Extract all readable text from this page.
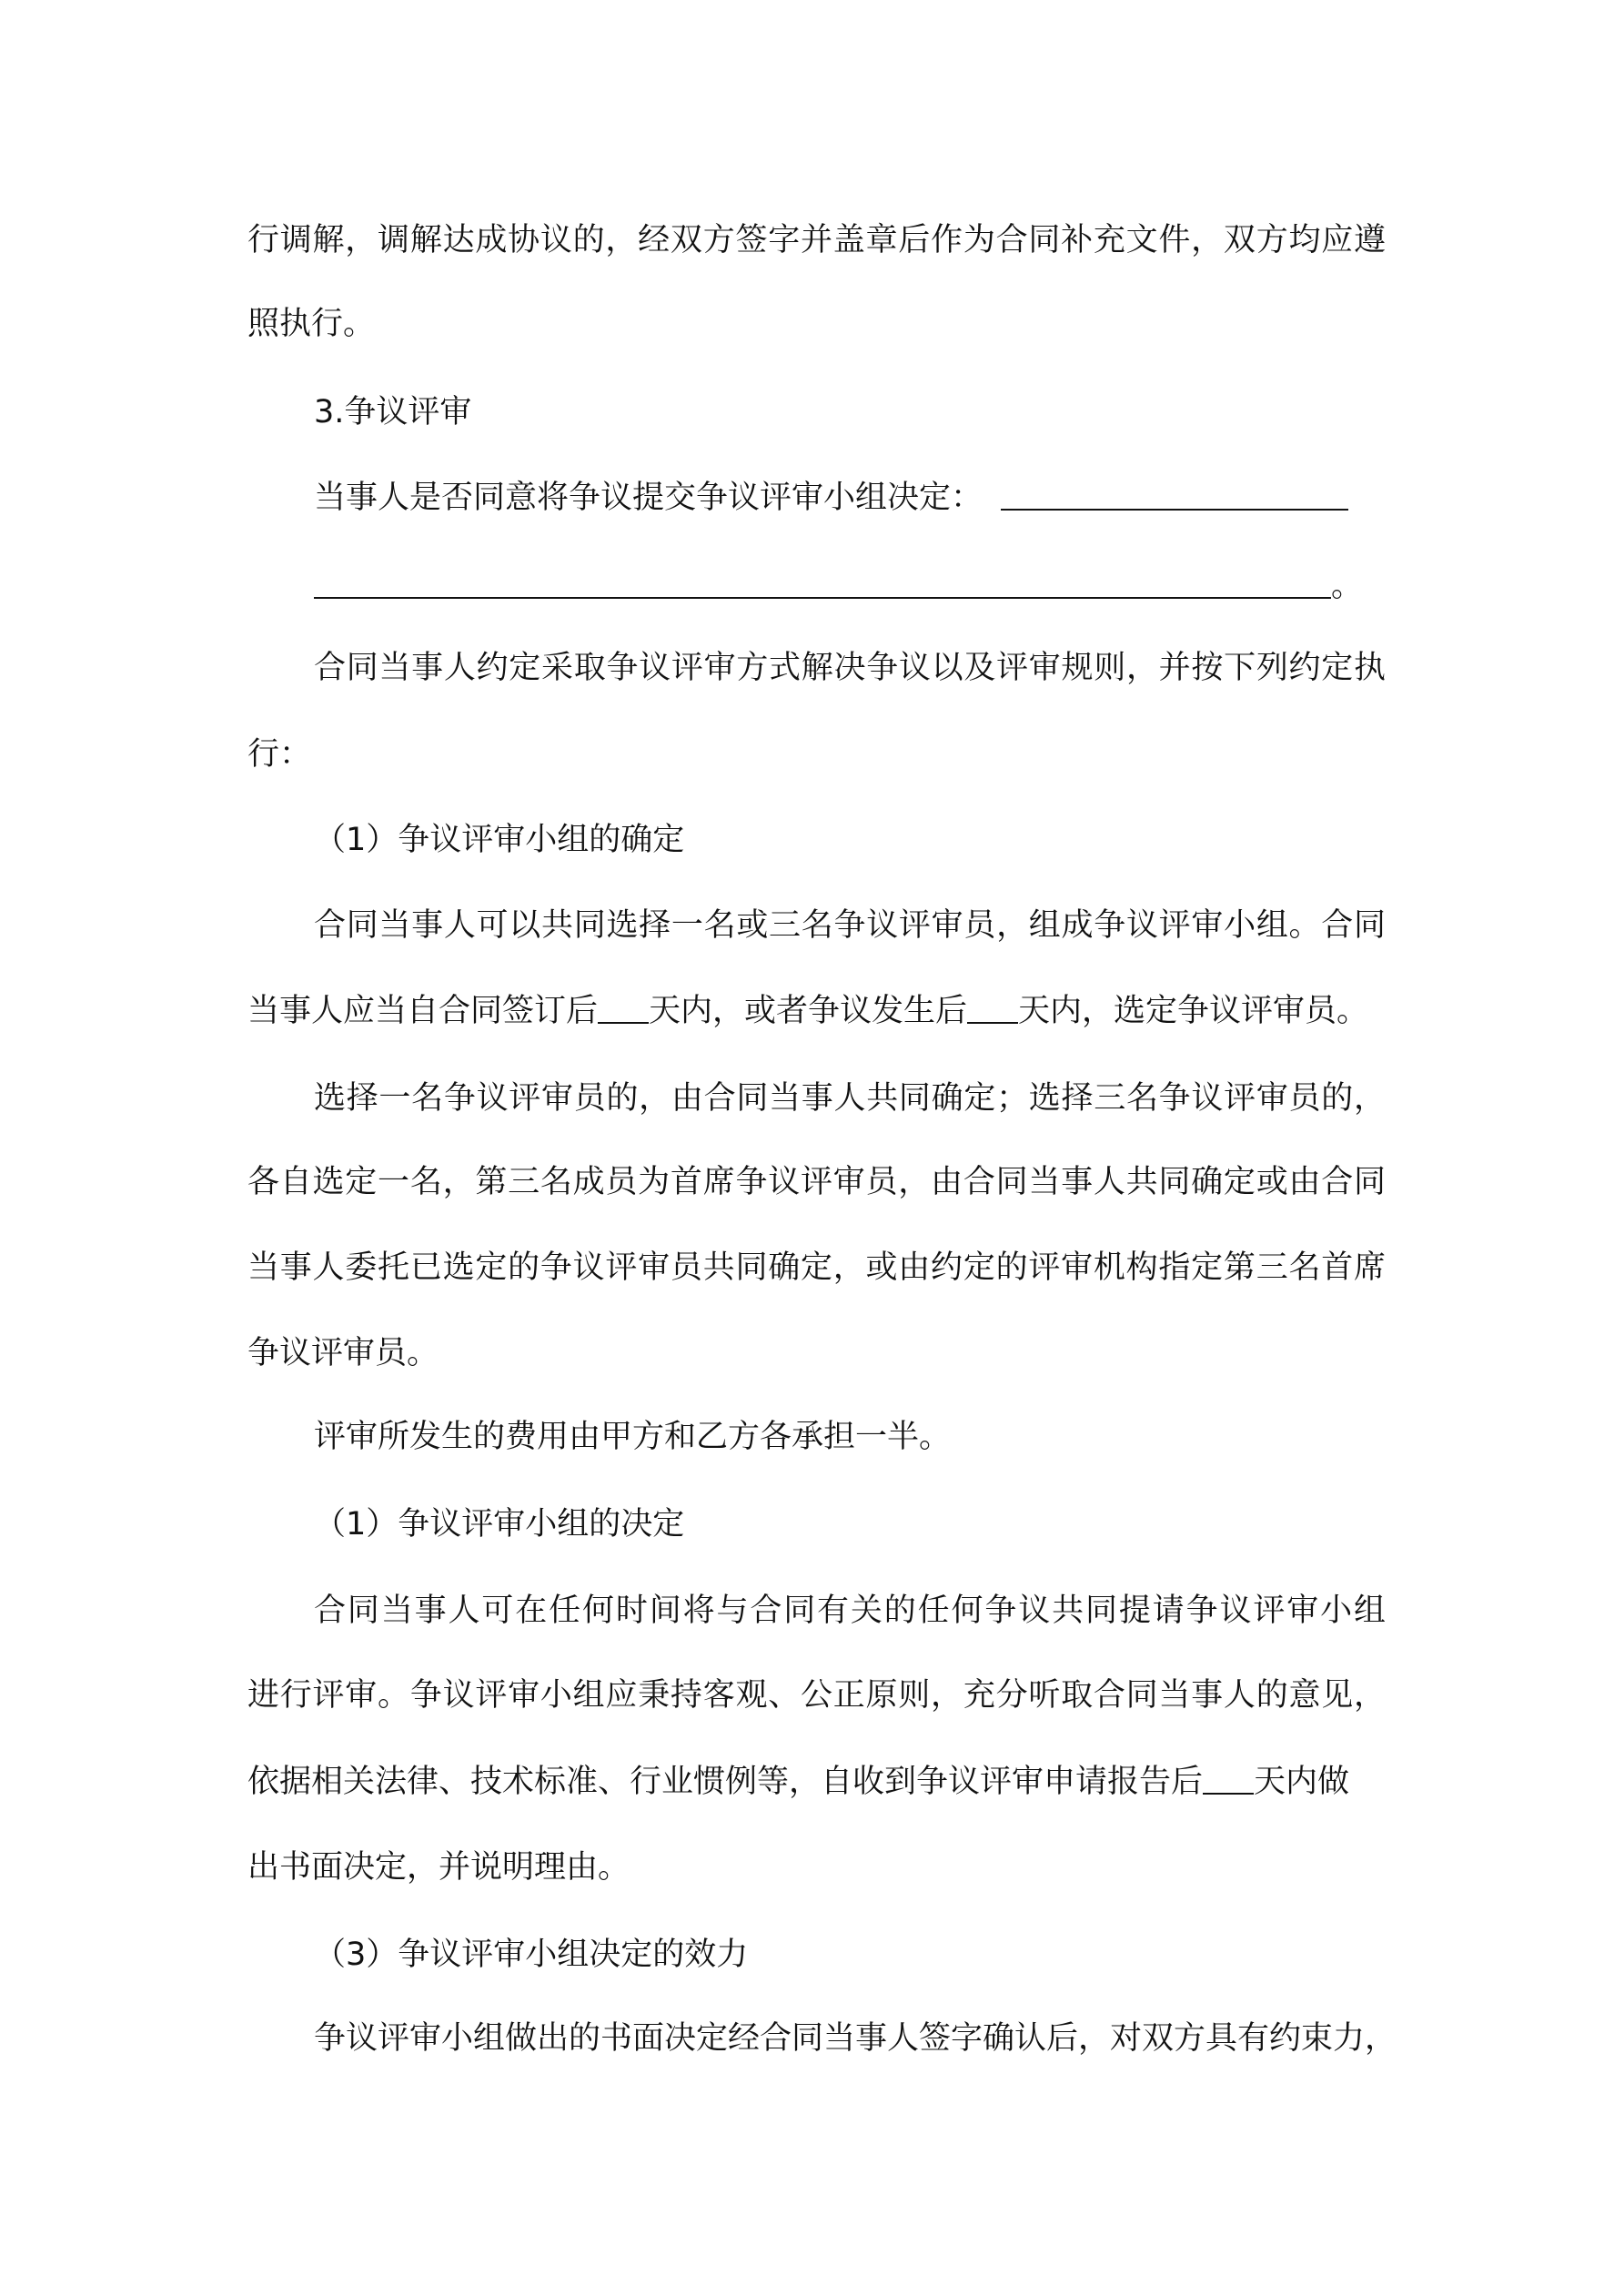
行调解，调解达成协议的，经双方签字并盖章后作为合同补充文件，双方均应遵
照执行。
3.争议评审
当事人是否同意将争议提交争议评审小组决定：
。
合同当事人约定采取争议评审方式解决争议以及评审规则，并按下列约定执
行：
（1）争议评审小组的确定
合同当事人可以共同选择一名或三名争议评审员，组成争议评审小组。合同
当事人应当自合同签订后 天内，或者争议发生后 天内，选定争议评审员。
选择一名争议评审员的，由合同当事人共同确定；选择三名争议评审员的，
各自选定一名，第三名成员为首席争议评审员，由合同当事人共同确定或由合同
当事人委托已选定的争议评审员共同确定，或由约定的评审机构指定第三名首席
争议评审员。
评审所发生的费用由甲方和乙方各承担一半。
（1）争议评审小组的决定
合同当事人可在任何时间将与合同有关的任何争议共同提请争议评审小组
进行评审。争议评审小组应秉持客观、公正原则，充分听取合同当事人的意见，
依据相关法律、技术标准、行业惯例等，自收到争议评审申请报告后 天内做
出书面决定，并说明理由。
（3）争议评审小组决定的效力
争议评审小组做出的书面决定经合同当事人签字确认后，对双方具有约束力，
